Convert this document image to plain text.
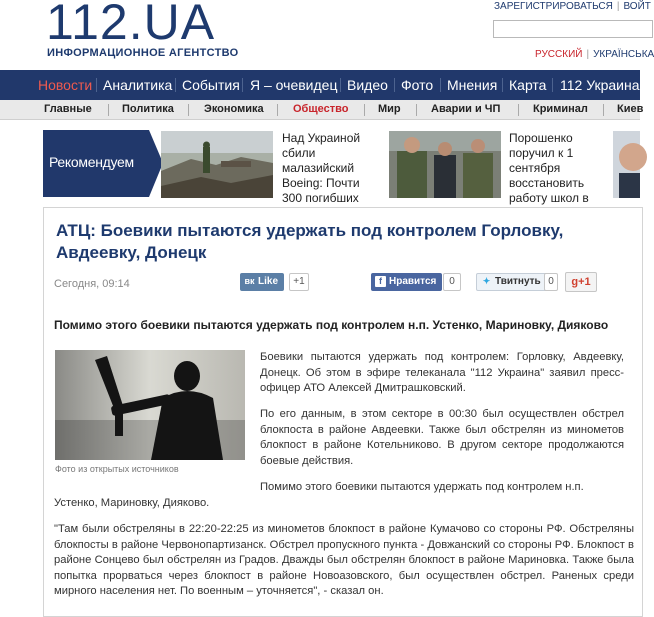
112.UA
ИНФОРМАЦИОННОЕ АГЕНТСТВО
ЗАРЕГИСТРИРОВАТЬСЯ | ВОЙТ
РУССКИЙ | УКРАЇНСЬКА
Новости Аналитика События Я – очевидец Видео Фото Мнения Карта 112 Украина
Главные	Политика	Экономика	Общество	Мир	Аварии и ЧП	Криминал	Киев
Рекомендуем
Над Украиной сбили малазийский Boeing: Почти 300 погибших
Порошенко поручил к 1 сентября восстановить работу школ в
АТЦ: Боевики пытаются удержать под контролем Горловку, Авдеевку, Донецк
Сегодня, 09:14	вк Like	+1	f Нравится	0	✦ Твитнуть 0	g+1
Помимо этого боевики пытаются удержать под контролем н.п. Устенко, Мариновку, Дияково
Фото из открытых источников
Боевики пытаются удержать под контролем: Горловку, Авдеевку, Донецк. Об этом в эфире телеканала "112 Украина" заявил пресс-офицер АТО Алексей Дмитрашковский.
По его данным, в этом секторе в 00:30 был осуществлен обстрел блокпоста в районе Авдеевки. Также был обстрелян из минометов блокпост в районе Котельниково. В другом секторе продолжаются боевые действия.
Помимо этого боевики пытаются удержать под контролем н.п.
Устенко, Мариновку, Дияково.
"Там были обстреляны в 22:20-22:25 из минометов блокпост в районе Кумачово со стороны РФ. Обстреляны блокпосты в районе Червонопартизанск. Обстрел пропускного пункта - Довжанский со стороны РФ. Блокпост в районе Сонцево был обстрелян из Градов. Дважды был обстрелян блокпост в районе Мариновка. Также была попытка прорваться через блокпост в районе Новоазовского, был осуществлен обстрел. Раненых среди мирного населения нет. По военным – уточняется", - сказал он.
